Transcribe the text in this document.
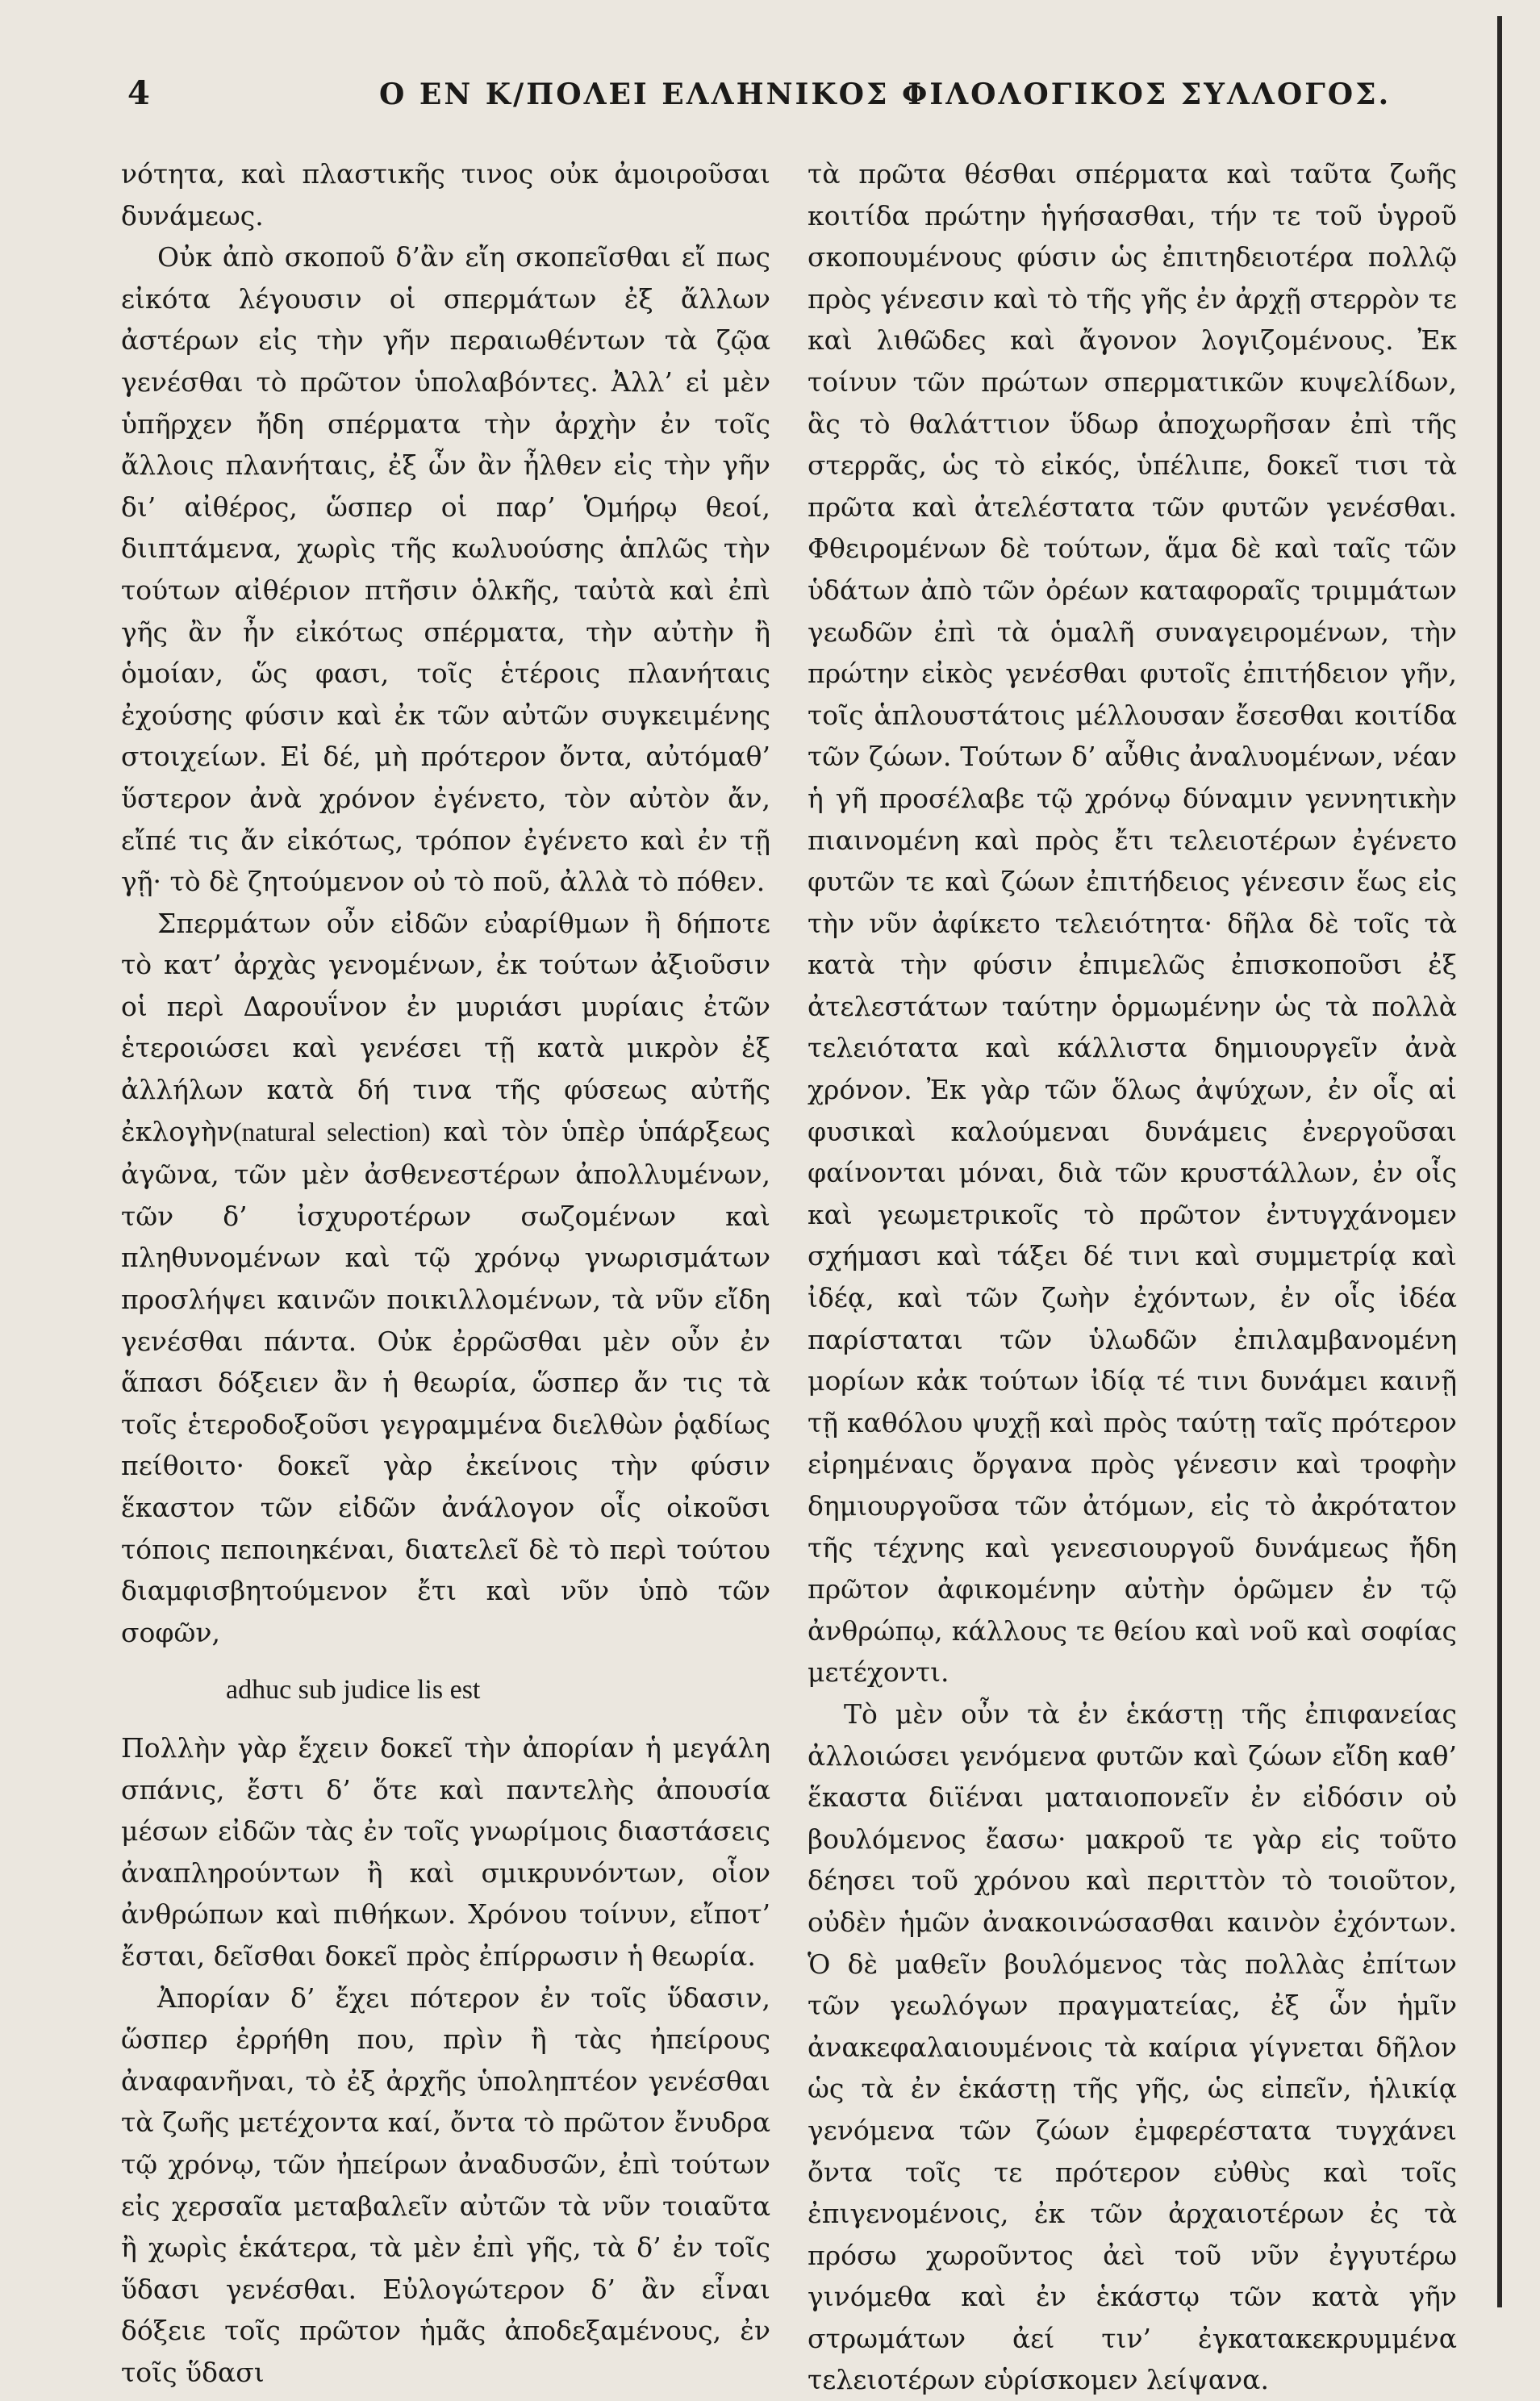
4	Ο ΕΝ Κ/ΠΟΛΕΙ ΕΛΛΗΝΙΚΟΣ ΦΙΛΟΛΟΓΙΚΟΣ ΣΥΛΛΟΓΟΣ.

νότητα, καὶ πλαστικῆς τινος οὐκ ἀμοιροῦσαι δυνάμεως.

Οὐκ ἀπὸ σκοποῦ δ’ἂν εἴη σκοπεῖσθαι εἴ πως εἰκότα λέγουσιν οἱ σπερμάτων ἐξ ἄλλων ἀστέρων εἰς τὴν γῆν περαιωθέντων τὰ ζῷα γενέσθαι τὸ πρῶτον ὑπολαβόντες. Ἀλλ’ εἰ μὲν ὑπῆρχεν ἤδη σπέρματα τὴν ἀρχὴν ἐν τοῖς ἄλλοις πλανήταις, ἐξ ὧν ἂν ἦλθεν εἰς τὴν γῆν δι’ αἰθέρος, ὥσπερ οἱ παρ’ Ὁμήρῳ θεοί, διιπτάμενα, χωρὶς τῆς κωλυούσης ἁπλῶς τὴν τούτων αἰθέριον πτῆσιν ὁλκῆς, ταὐτὰ καὶ ἐπὶ γῆς ἂν ἦν εἰκότως σπέρματα, τὴν αὐτὴν ἢ ὁμοίαν, ὥς φασι, τοῖς ἑτέροις πλανήταις ἐχούσης φύσιν καὶ ἐκ τῶν αὐτῶν συγκειμένης στοιχείων. Εἰ δέ, μὴ πρότερον ὄντα, αὐτόμαθ’ ὕστερον ἀνὰ χρόνον ἐγένετο, τὸν αὐτὸν ἄν, εἴπέ τις ἄν εἰκότως, τρόπον ἐγένετο καὶ ἐν τῇ γῇ· τὸ δὲ ζητούμενον οὐ τὸ ποῦ, ἀλλὰ τὸ πόθεν.

Σπερμάτων οὖν εἰδῶν εὐαρίθμων ἢ δήποτε τὸ κατ’ ἀρχὰς γενομένων, ἐκ τούτων ἀξιοῦσιν οἱ περὶ Δαρουΐνον ἐν μυριάσι μυρίαις ἐτῶν ἑτεροιώσει καὶ γενέσει τῇ κατὰ μικρὸν ἐξ ἀλλήλων κατὰ δή τινα τῆς φύσεως αὐτῆς ἐκλογὴν(natural selection) καὶ τὸν ὑπὲρ ὑπάρξεως ἀγῶνα, τῶν μὲν ἀσθενεστέρων ἀπολλυμένων, τῶν δ’ ἰσχυροτέρων σωζομένων καὶ πληθυνομένων καὶ τῷ χρόνῳ γνωρισμάτων προσλήψει καινῶν ποικιλλομένων, τὰ νῦν εἴδη γενέσθαι πάντα. Οὐκ ἐρρῶσθαι μὲν οὖν ἐν ἅπασι δόξειεν ἂν ἡ θεωρία, ὥσπερ ἄν τις τὰ τοῖς ἑτεροδοξοῦσι γεγραμμένα διελθὼν ῥᾳδίως πείθοιτο· δοκεῖ γὰρ ἐκείνοις τὴν φύσιν ἕκαστον τῶν εἰδῶν ἀνάλογον οἷς οἰκοῦσι τόποις πεποιηκέναι, διατελεῖ δὲ τὸ περὶ τούτου διαμφισβητούμενον ἔτι καὶ νῦν ὑπὸ τῶν σοφῶν,

adhuc sub judice lis est

Πολλὴν γὰρ ἔχειν δοκεῖ τὴν ἀπορίαν ἡ μεγάλη σπάνις, ἔστι δ’ ὅτε καὶ παντελὴς ἀπουσία μέσων εἰδῶν τὰς ἐν τοῖς γνωρίμοις διαστάσεις ἀναπληρούντων ἢ καὶ σμικρυνόντων, οἷον ἀνθρώπων καὶ πιθήκων. Χρόνου τοίνυν, εἴποτ’ ἔσται, δεῖσθαι δοκεῖ πρὸς ἐπίρρωσιν ἡ θεωρία.

Ἀπορίαν δ’ ἔχει πότερον ἐν τοῖς ὕδασιν, ὥσπερ ἐρρήθη που, πρὶν ἢ τὰς ἠπείρους ἀναφανῆναι, τὸ ἐξ ἀρχῆς ὑποληπτέον γενέσθαι τὰ ζωῆς μετέχοντα καί, ὄντα τὸ πρῶτον ἔνυδρα τῷ χρόνῳ, τῶν ἠπείρων ἀναδυσῶν, ἐπὶ τούτων εἰς χερσαῖα μεταβαλεῖν αὐτῶν τὰ νῦν τοιαῦτα ἢ χωρὶς ἑκάτερα, τὰ μὲν ἐπὶ γῆς, τὰ δ’ ἐν τοῖς ὕδασι γενέσθαι. Εὐλογώτερον δ’ ἂν εἶναι δόξειε τοῖς πρῶτον ἡμᾶς ἀποδεξαμένους, ἐν τοῖς ὕδασι

τὰ πρῶτα θέσθαι σπέρματα καὶ ταῦτα ζωῆς κοιτίδα πρώτην ἡγήσασθαι, τήν τε τοῦ ὑγροῦ σκοπουμένους φύσιν ὡς ἐπιτηδειοτέρα πολλῷ πρὸς γένεσιν καὶ τὸ τῆς γῆς ἐν ἀρχῇ στερρὸν τε καὶ λιθῶδες καὶ ἄγονον λογιζομένους. Ἐκ τοίνυν τῶν πρώτων σπερματικῶν κυψελίδων, ἃς τὸ θαλάττιον ὕδωρ ἀποχωρῆσαν ἐπὶ τῆς στερρᾶς, ὡς τὸ εἰκός, ὑπέλιπε, δοκεῖ τισι τὰ πρῶτα καὶ ἀτελέστατα τῶν φυτῶν γενέσθαι. Φθειρομένων δὲ τούτων, ἅμα δὲ καὶ ταῖς τῶν ὑδάτων ἀπὸ τῶν ὀρέων καταφοραῖς τριμμάτων γεωδῶν ἐπὶ τὰ ὁμαλῆ συναγειρομένων, τὴν πρώτην εἰκὸς γενέσθαι φυτοῖς ἐπιτήδειον γῆν, τοῖς ἁπλουστάτοις μέλλουσαν ἔσεσθαι κοιτίδα τῶν ζώων. Τούτων δ’ αὖθις ἀναλυομένων, νέαν ἡ γῆ προσέλαβε τῷ χρόνῳ δύναμιν γεννητικὴν πιαινομένη καὶ πρὸς ἔτι τελειοτέρων ἐγένετο φυτῶν τε καὶ ζώων ἐπιτήδειος γένεσιν ἕως εἰς τὴν νῦν ἀφίκετο τελειότητα· δῆλα δὲ τοῖς τὰ κατὰ τὴν φύσιν ἐπιμελῶς ἐπισκοποῦσι ἐξ ἀτελεστάτων ταύτην ὁρμωμένην ὡς τὰ πολλὰ τελειότατα καὶ κάλλιστα δημιουργεῖν ἀνὰ χρόνον. Ἐκ γὰρ τῶν ὅλως ἀψύχων, ἐν οἷς αἱ φυσικαὶ καλούμεναι δυνάμεις ἐνεργοῦσαι φαίνονται μόναι, διὰ τῶν κρυστάλλων, ἐν οἷς καὶ γεωμετρικοῖς τὸ πρῶτον ἐντυγχάνομεν σχήμασι καὶ τάξει δέ τινι καὶ συμμετρίᾳ καὶ ἰδέᾳ, καὶ τῶν ζωὴν ἐχόντων, ἐν οἷς ἰδέα παρίσταται τῶν ὑλωδῶν ἐπιλαμβανομένη μορίων κἀκ τούτων ἰδίᾳ τέ τινι δυνάμει καινῇ τῇ καθόλου ψυχῇ καὶ πρὸς ταύτῃ ταῖς πρότερον εἰρημέναις ὄργανα πρὸς γένεσιν καὶ τροφὴν δημιουργοῦσα τῶν ἀτόμων, εἰς τὸ ἀκρότατον τῆς τέχνης καὶ γενεσιουργοῦ δυνάμεως ἤδη πρῶτον ἀφικομένην αὐτὴν ὁρῶμεν ἐν τῷ ἀνθρώπῳ, κάλλους τε θείου καὶ νοῦ καὶ σοφίας μετέχοντι.

Τὸ μὲν οὖν τὰ ἐν ἑκάστῃ τῆς ἐπιφανείας ἀλλοιώσει γενόμενα φυτῶν καὶ ζώων εἴδη καθ’ ἕκαστα διϊέναι ματαιοπονεῖν ἐν εἰδόσιν οὐ βουλόμενος ἔασω· μακροῦ τε γὰρ εἰς τοῦτο δέησει τοῦ χρόνου καὶ περιττὸν τὸ τοιοῦτον, οὐδὲν ἡμῶν ἀνακοινώσασθαι καινὸν ἐχόντων. Ὁ δὲ μαθεῖν βουλόμενος τὰς πολλὰς ἐπίτων τῶν γεωλόγων πραγματείας, ἐξ ὧν ἡμῖν ἀνακεφαλαιουμένοις τὰ καίρια γίγνεται δῆλον ὡς τὰ ἐν ἑκάστῃ τῆς γῆς, ὡς εἰπεῖν, ἡλικίᾳ γενόμενα τῶν ζώων ἐμφερέστατα τυγχάνει ὄντα τοῖς τε πρότερον εὐθὺς καὶ τοῖς ἐπιγενομένοις, ἐκ τῶν ἀρχαιοτέρων ἐς τὰ πρόσω χωροῦντος ἀεὶ τοῦ νῦν ἐγγυτέρω γινόμεθα καὶ ἐν ἑκάστῳ τῶν κατὰ γῆν στρωμάτων ἀεί τιν’ ἐγκατακεκρυμμένα τελειοτέρων εὑρίσκομεν λείψανα.
